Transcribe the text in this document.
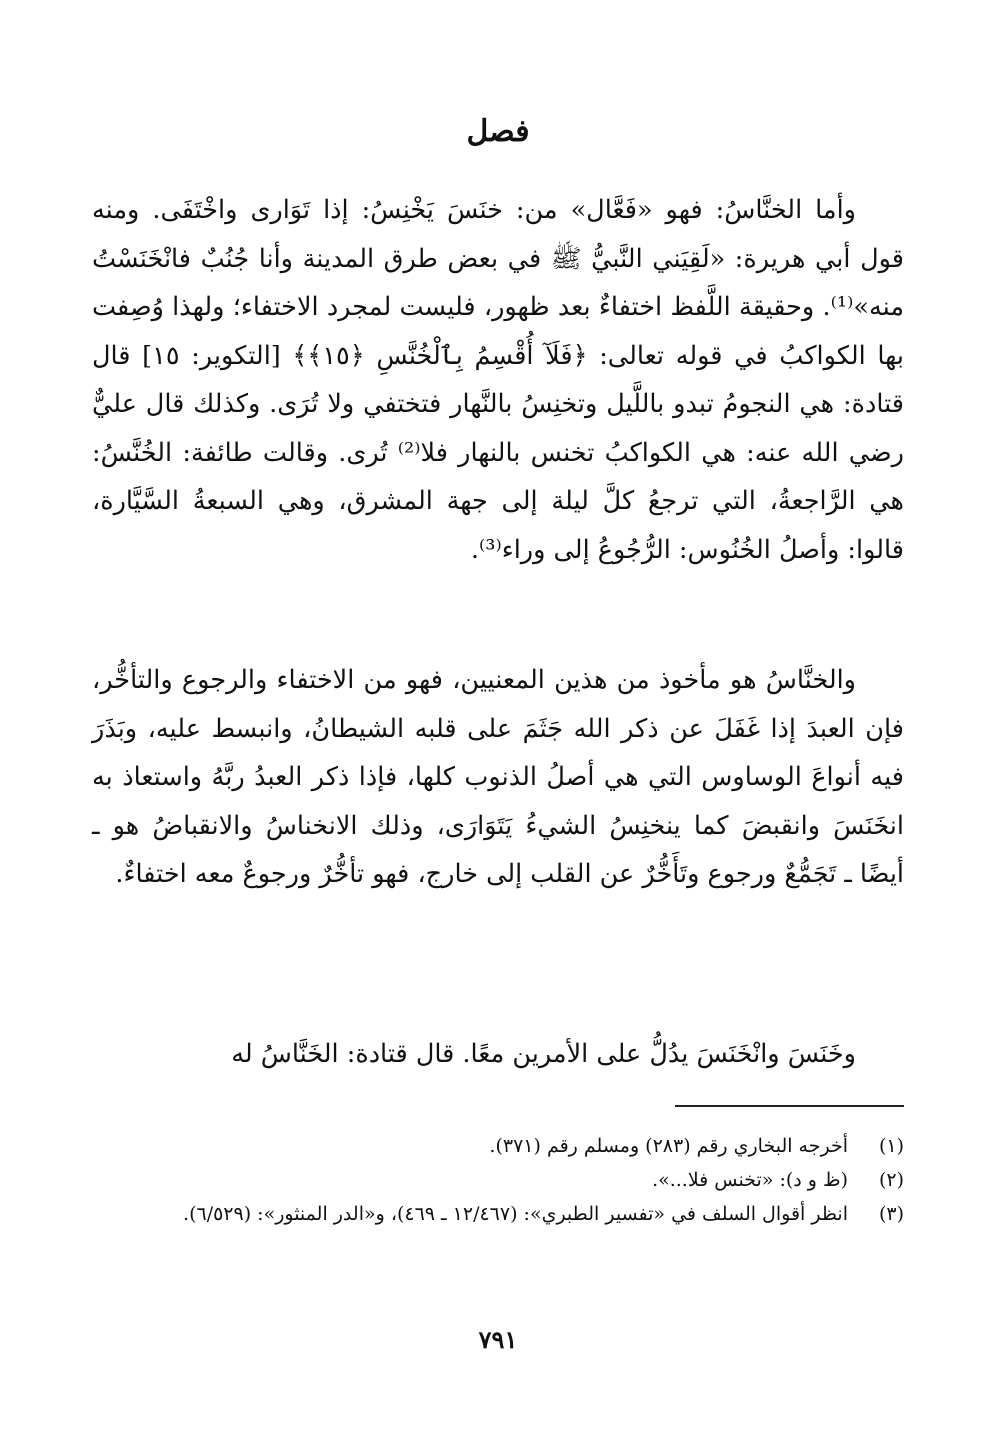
فصل

وأما الخنَّاسُ: فهو «فَعَّال» من: خنَسَ يَخْنِسُ: إذا تَوَارى واخْتَفَى. ومنه قول أبي هريرة: «لَقِيَني النَّبيُّ ﷺ في بعض طرق المدينة وأنا جُنُبٌ فانْخَنَسْتُ منه»⁽¹⁾. وحقيقة اللَّفظ اختفاءٌ بعد ظهور، فليست لمجرد الاختفاء؛ ولهذا وُصِفت بها الكواكبُ في قوله تعالى: ﴿فَلَآ أُقْسِمُ بِٱلْخُنَّسِ ﴿١٥﴾﴾ [التكوير: ١٥] قال قتادة: هي النجومُ تبدو باللَّيل وتخنِسُ بالنَّهار فتختفي ولا تُرَى. وكذلك قال عليٌّ رضي الله عنه: هي الكواكبُ تخنس بالنهار فلا⁽²⁾ تُرى. وقالت طائفة: الخُنَّسُ: هي الرَّاجعةُ، التي ترجعُ كلَّ ليلة إلى جهة المشرق، وهي السبعةُ السَّيَّارة، قالوا: وأصلُ الخُنُوس: الرُّجُوعُ إلى وراء⁽³⁾.

والخنَّاسُ هو مأخوذ من هذين المعنيين، فهو من الاختفاء والرجوع والتأخُّر، فإن العبدَ إذا غَفَلَ عن ذكر الله جَثَمَ على قلبه الشيطانُ، وانبسط عليه، وبَذَرَ فيه أنواعَ الوساوس التي هي أصلُ الذنوب كلها، فإذا ذكر العبدُ ربَّهُ واستعاذ به انخَنَسَ وانقبضَ كما ينخنِسُ الشيءُ يَتَوَارَى، وذلك الانخناسُ والانقباضُ هو ـ أيضًا ـ تَجَمُّعٌ ورجوع وتَأَخُّرٌ عن القلب إلى خارج، فهو تأخُّرٌ ورجوعٌ معه اختفاءٌ.

وخَنَسَ وانْخَنَسَ يدُلُّ على الأمرين معًا. قال قتادة: الخَنَّاسُ له

(١)
أخرجه البخاري رقم (٢٨٣) ومسلم رقم (٣٧١).
(٢)
(ظ و د): «تخنس فلا...».
(٣)
انظر أقوال السلف في «تفسير الطبري»: (١٢/٤٦٧ ـ ٤٦٩)، و«الدر المنثور»: (٦/٥٢٩).
٧٩١
